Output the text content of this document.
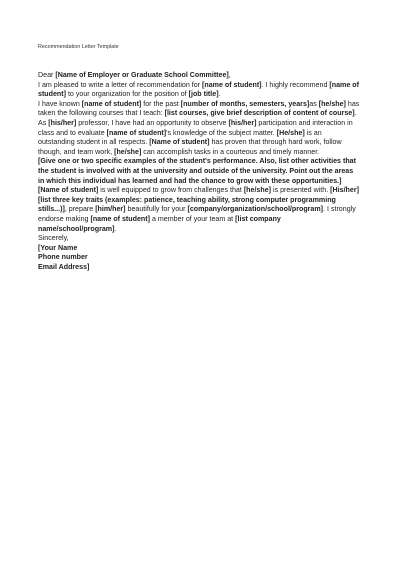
Recommendation Letter Template

Dear [Name of Employer or Graduate School Committee],

I am pleased to write a letter of recommendation for [name of student]. I highly recommend [name of student] to your organization for the position of [job title].

I have known [name of student] for the past [number of months, semesters, years]as [he/she] has taken the following courses that I teach: [list courses, give brief description of content of course]. As [his/her] professor, I have had an opportunity to observe [his/her] participation and interaction in class and to evaluate [name of student]'s knowledge of the subject matter. [He/she] is an outstanding student in all respects. [Name of student] has proven that through hard work, follow though, and team work, [he/she] can accomplish tasks in a courteous and timely manner.

[Give one or two specific examples of the student's performance. Also, list other activities that the student is involved with at the university and outside of the university. Point out the areas in which this individual has learned and had the chance to grow with these opportunities.]

[Name of student] is well equipped to grow from challenges that [he/she] is presented with. [His/her] [list three key traits (examples: patience, teaching ability, strong computer programming stills...)], prepare [him/her] beautifully for your [company/organization/school/program]. I strongly endorse making [name of student] a member of your team at [list company name/school/program].

Sincerely,

[Your Name

Phone number

Email Address]
